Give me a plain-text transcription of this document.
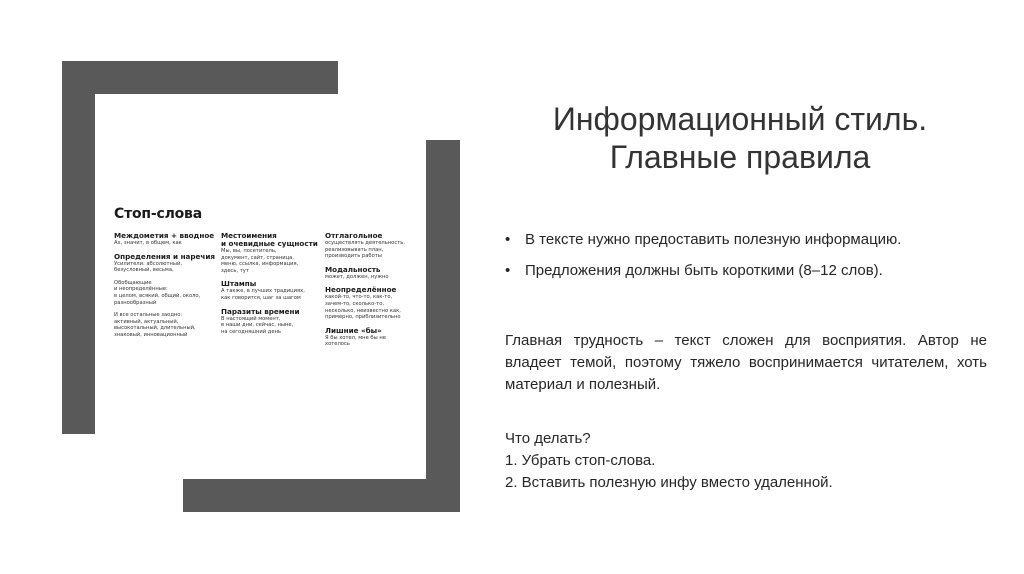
Стоп-слова

Междометия + вводное

Ах, значит, в общем, как

Определения и наречия

Усилители: абсолютный,
безусловный, весьма,

Обобщающие
и неопределённые:
в целом, всякий, общий, около,
разнообразный

И все остальные заодно:
активный, актуальный,
высокотальный, длительный,
знаковый, инновационный

Местоимения
и очевидные сущности

Мы, вы, посетитель,
документ, сайт, страница,
меню, ссылка, информация,
здесь, тут

Штампы

А также, в лучших традициях,
как говорится, шаг за шагом

Паразиты времени

В настоящий момент,
в наши дни, сейчас, ныне,
на сегодняшний день

Отглагольное

осуществлять деятельность,
реализовывать план,
производить работы

Модальность

может, должен, нужно

Неопределённое

какой-то, что-то, как-то,
зачем-то, сколько-то,
несколько, неизвестно как,
примерно, приблизительно

Лишние «бы»

Я бы хотел, мне бы не
хотелось

Информационный стиль.
Главные правила
• В тексте нужно предоставить полезную информацию.
• Предложения должны быть короткими (8–12 слов).

Главная трудность – текст сложен для восприятия. Автор не владеет темой, поэтому тяжело воспринимается читателем, хоть материал и полезный.

Что делать?
1. Убрать стоп-слова.
2. Вставить полезную инфу вместо удаленной.
